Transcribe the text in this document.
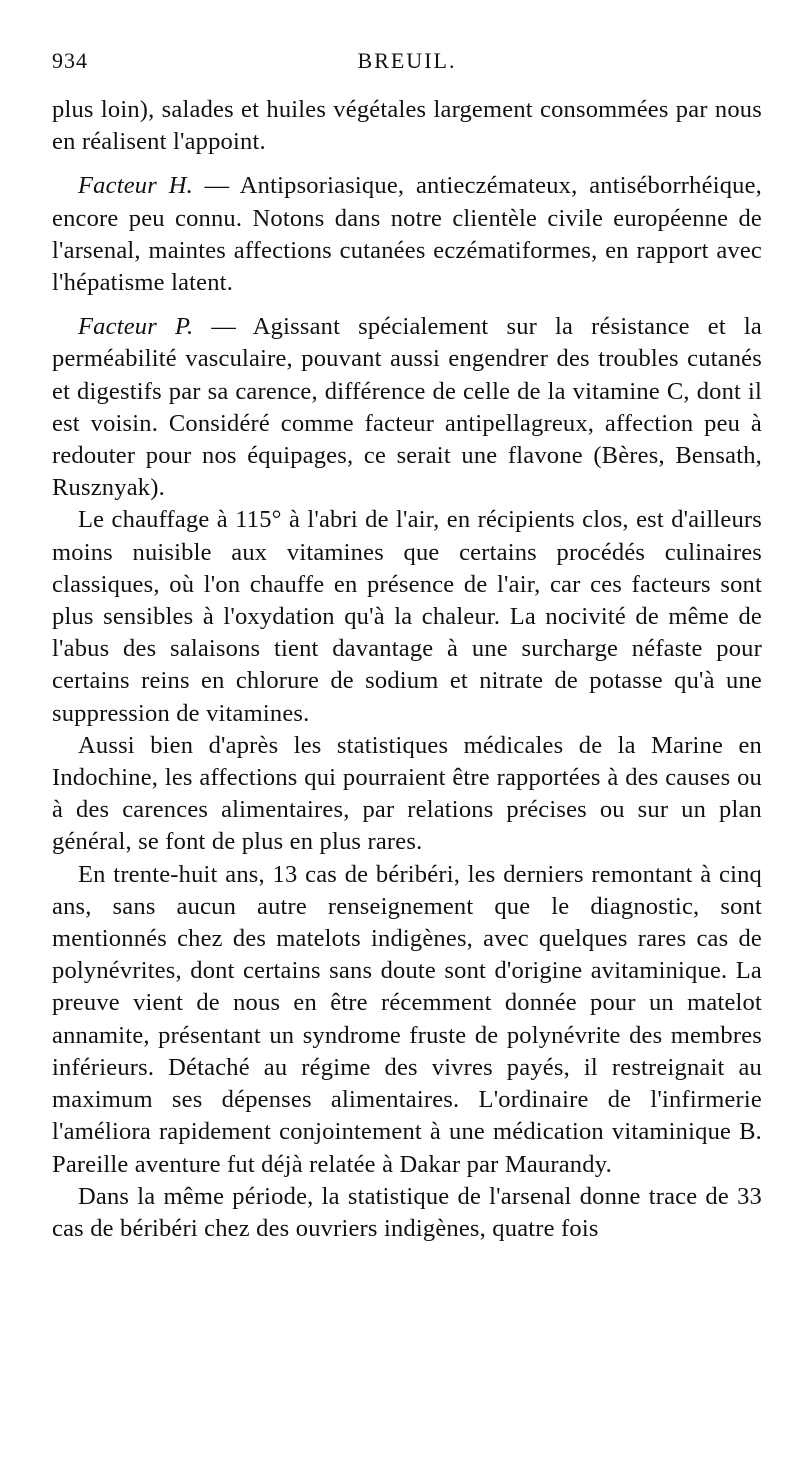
934	BREUIL.

plus loin), salades et huiles végétales largement consommées par nous en réalisent l'appoint.

Facteur H. — Antipsoriasique, antieczémateux, antiséborrhéique, encore peu connu. Notons dans notre clientèle civile européenne de l'arsenal, maintes affections cutanées eczématiformes, en rapport avec l'hépatisme latent.

Facteur P. — Agissant spécialement sur la résistance et la perméabilité vasculaire, pouvant aussi engendrer des troubles cutanés et digestifs par sa carence, différence de celle de la vitamine C, dont il est voisin. Considéré comme facteur antipellagreux, affection peu à redouter pour nos équipages, ce serait une flavone (Bères, Bensath, Rusznyak).

Le chauffage à 115° à l'abri de l'air, en récipients clos, est d'ailleurs moins nuisible aux vitamines que certains procédés culinaires classiques, où l'on chauffe en présence de l'air, car ces facteurs sont plus sensibles à l'oxydation qu'à la chaleur. La nocivité de même de l'abus des salaisons tient davantage à une surcharge néfaste pour certains reins en chlorure de sodium et nitrate de potasse qu'à une suppression de vitamines.

Aussi bien d'après les statistiques médicales de la Marine en Indochine, les affections qui pourraient être rapportées à des causes ou à des carences alimentaires, par relations précises ou sur un plan général, se font de plus en plus rares.

En trente-huit ans, 13 cas de béribéri, les derniers remontant à cinq ans, sans aucun autre renseignement que le diagnostic, sont mentionnés chez des matelots indigènes, avec quelques rares cas de polynévrites, dont certains sans doute sont d'origine avitaminique. La preuve vient de nous en être récemment donnée pour un matelot annamite, présentant un syndrome fruste de polynévrite des membres inférieurs. Détaché au régime des vivres payés, il restreignait au maximum ses dépenses alimentaires. L'ordinaire de l'infirmerie l'améliora rapidement conjointement à une médication vitaminique B. Pareille aventure fut déjà relatée à Dakar par Maurandy.

Dans la même période, la statistique de l'arsenal donne trace de 33 cas de béribéri chez des ouvriers indigènes, quatre fois
